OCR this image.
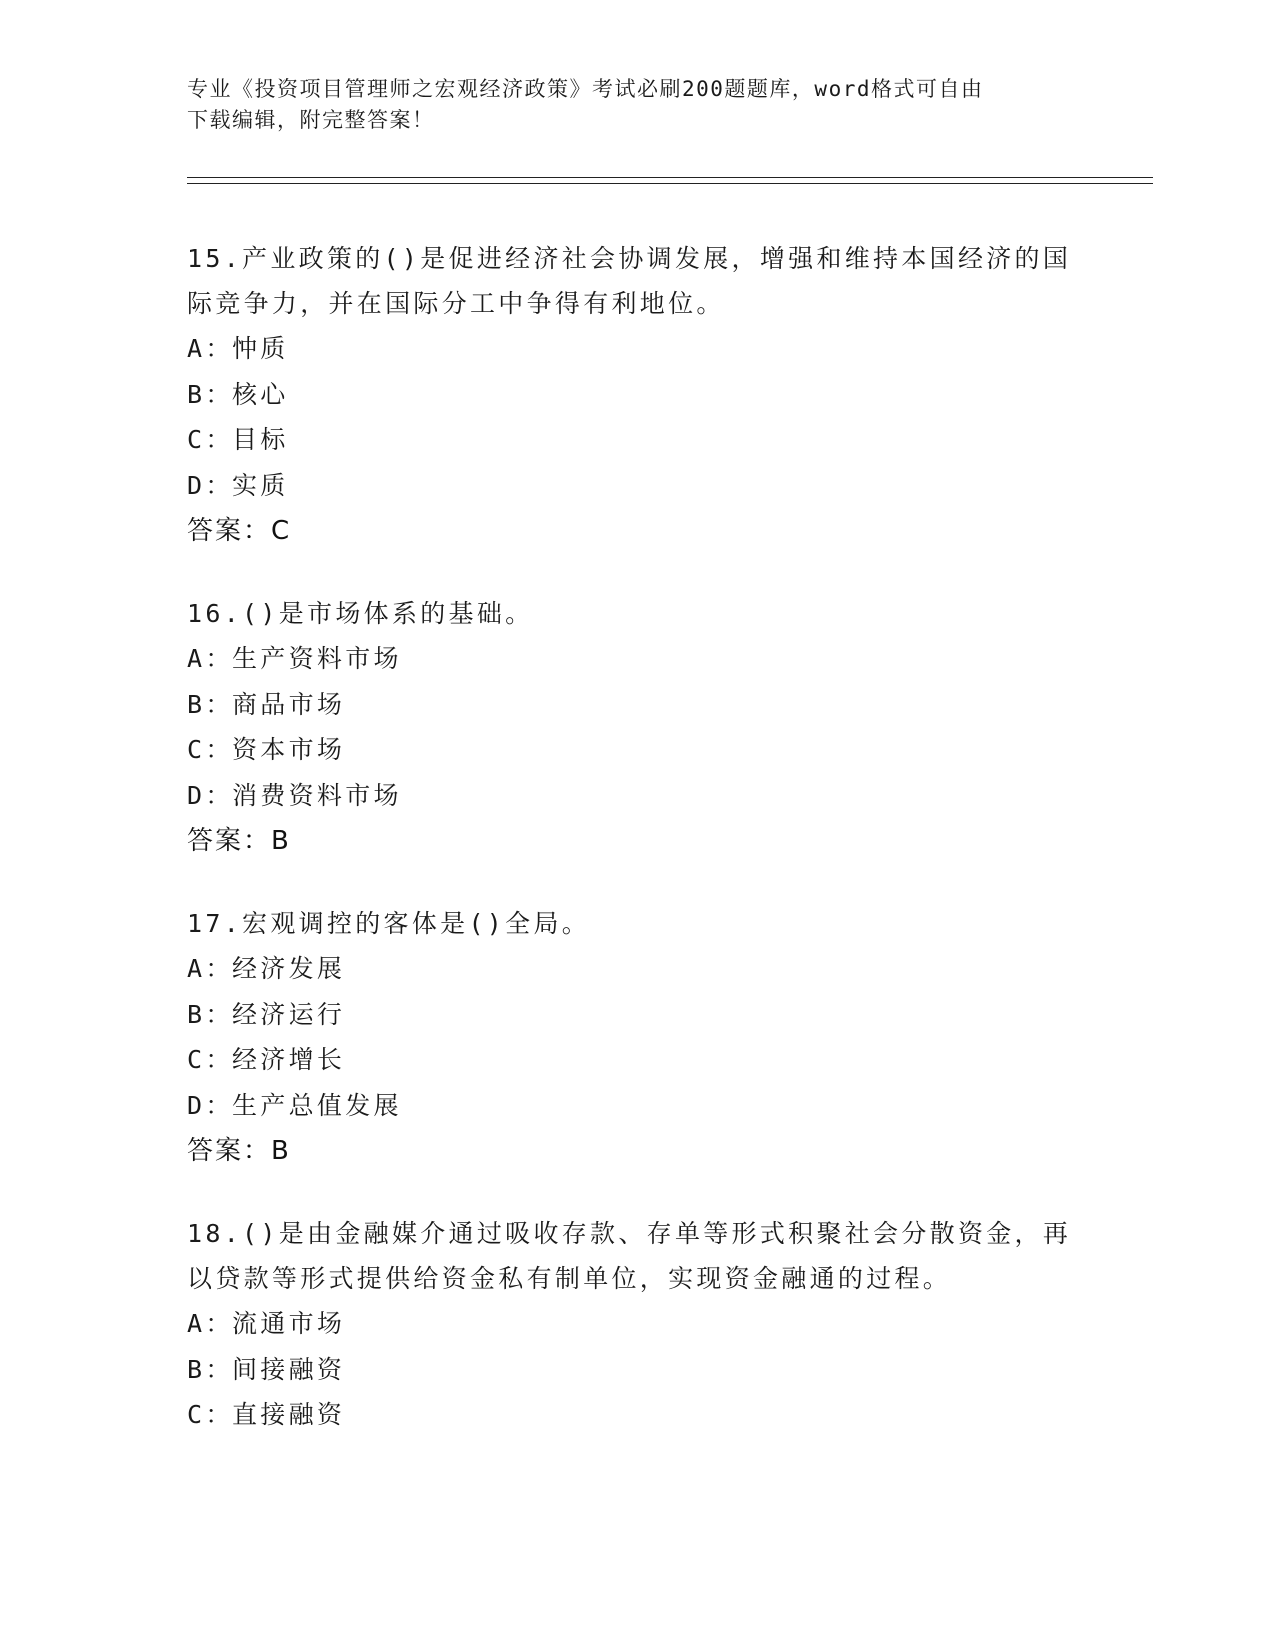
专业《投资项目管理师之宏观经济政策》考试必刷200题题库，word格式可自由
下载编辑，附完整答案！
15.产业政策的()是促进经济社会协调发展，增强和维持本国经济的国
际竞争力，并在国际分工中争得有利地位。
A：忡质
B：核心
C：目标
D：实质
答案：C
16.()是市场体系的基础。
A：生产资料市场
B：商品市场
C：资本市场
D：消费资料市场
答案：B
17.宏观调控的客体是()全局。
A：经济发展
B：经济运行
C：经济增长
D：生产总值发展
答案：B
18.()是由金融媒介通过吸收存款、存单等形式积聚社会分散资金，再
以贷款等形式提供给资金私有制单位，实现资金融通的过程。
A：流通市场
B：间接融资
C：直接融资
